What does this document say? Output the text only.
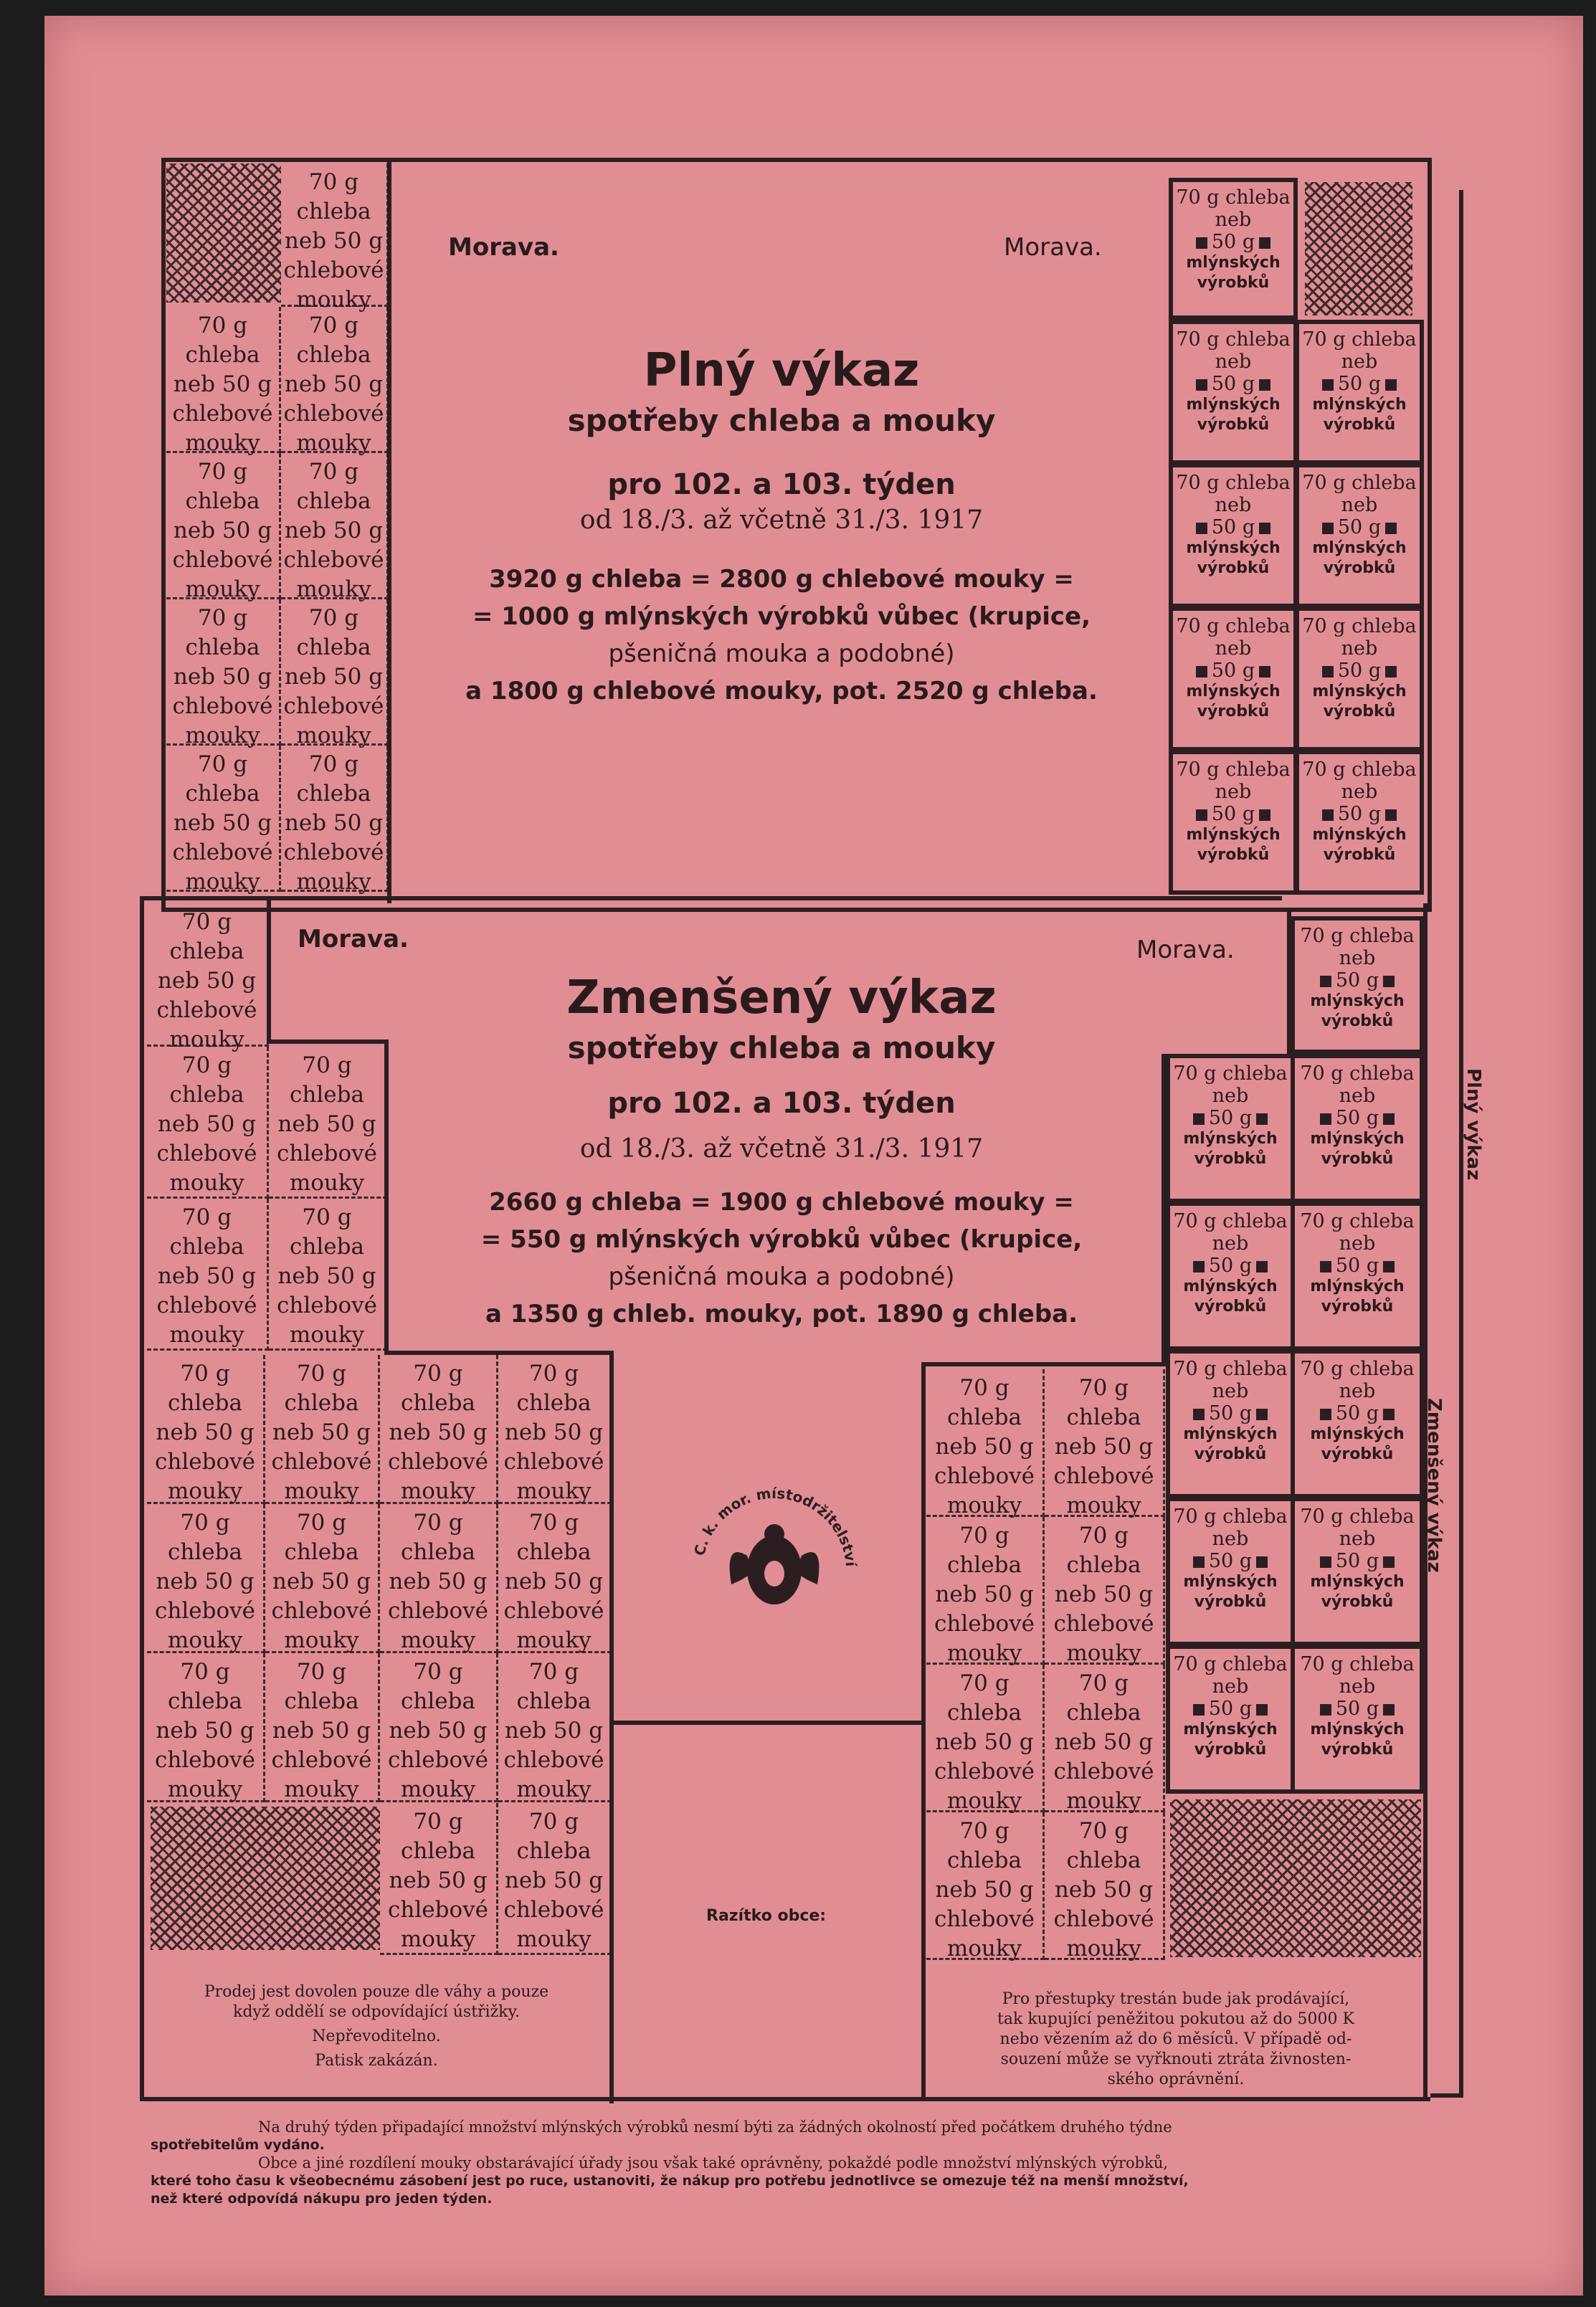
70 g chleba
neb 50 g
chlebové
mouky
70 g chleba
neb 50 g
chlebové
mouky
70 g chleba
neb 50 g
chlebové
mouky
70 g chleba
neb 50 g
chlebové
mouky
70 g chleba
neb 50 g
chlebové
mouky
70 g chleba
neb 50 g
chlebové
mouky
70 g chleba
neb 50 g
chlebové
mouky
70 g chleba
neb 50 g
chlebové
mouky
70 g chleba
neb 50 g
chlebové
mouky
70 g chleba
neb
50 g
mlýnských
výrobků
70 g chleba
neb
50 g
mlýnských
výrobků
70 g chleba
neb
50 g
mlýnských
výrobků
70 g chleba
neb
50 g
mlýnských
výrobků
70 g chleba
neb
50 g
mlýnských
výrobků
70 g chleba
neb
50 g
mlýnských
výrobků
70 g chleba
neb
50 g
mlýnských
výrobků
70 g chleba
neb
50 g
mlýnských
výrobků
70 g chleba
neb
50 g
mlýnských
výrobků
70 g chleba
neb 50 g
chlebové
mouky
70 g chleba
neb 50 g
chlebové
mouky
70 g chleba
neb 50 g
chlebové
mouky
70 g chleba
neb 50 g
chlebové
mouky
70 g chleba
neb 50 g
chlebové
mouky
70 g chleba
neb 50 g
chlebové
mouky
70 g chleba
neb 50 g
chlebové
mouky
70 g chleba
neb 50 g
chlebové
mouky
70 g chleba
neb 50 g
chlebové
mouky
70 g chleba
neb 50 g
chlebové
mouky
70 g chleba
neb 50 g
chlebové
mouky
70 g chleba
neb 50 g
chlebové
mouky
70 g chleba
neb 50 g
chlebové
mouky
70 g chleba
neb 50 g
chlebové
mouky
70 g chleba
neb 50 g
chlebové
mouky
70 g chleba
neb 50 g
chlebové
mouky
70 g chleba
neb 50 g
chlebové
mouky
70 g chleba
neb 50 g
chlebové
mouky
70 g chleba
neb 50 g
chlebové
mouky
70 g chleba
neb 50 g
chlebové
mouky
70 g chleba
neb 50 g
chlebové
mouky
70 g chleba
neb 50 g
chlebové
mouky
70 g chleba
neb 50 g
chlebové
mouky
70 g chleba
neb 50 g
chlebové
mouky
70 g chleba
neb 50 g
chlebové
mouky
70 g chleba
neb 50 g
chlebové
mouky
70 g chleba
neb 50 g
chlebové
mouky
70 g chleba
neb
50 g
mlýnských
výrobků
70 g chleba
neb
50 g
mlýnských
výrobků
70 g chleba
neb
50 g
mlýnských
výrobků
70 g chleba
neb
50 g
mlýnských
výrobků
70 g chleba
neb
50 g
mlýnských
výrobků
70 g chleba
neb
50 g
mlýnských
výrobků
70 g chleba
neb
50 g
mlýnských
výrobků
70 g chleba
neb
50 g
mlýnských
výrobků
70 g chleba
neb
50 g
mlýnských
výrobků
70 g chleba
neb
50 g
mlýnských
výrobků
70 g chleba
neb
50 g
mlýnských
výrobků
Morava.	Morava.
Plný výkaz
spotřeby chleba a mouky
pro 102. a 103. týden
od 18./3. až včetně 31./3. 1917
3920 g chleba = 2800 g chlebové mouky =
= 1000 g mlýnských výrobků vůbec (krupice,
pšeničná mouka a podobné)
a 1800 g chlebové mouky, pot. 2520 g chleba.
Morava.	Morava.
Zmenšený výkaz
spotřeby chleba a mouky
pro 102. a 103. týden
od 18./3. až včetně 31./3. 1917
2660 g chleba = 1900 g chlebové mouky =
= 550 g mlýnských výrobků vůbec (krupice,
pšeničná mouka a podobné)
a 1350 g chleb. mouky, pot. 1890 g chleba.
C. k. mor. místodržitelství
Razítko obce:
Prodej jest dovolen pouze dle váhy a pouze
když oddělí se odpovídající ústřižky.
Nepřevoditelno.
Patisk zakázán.
Pro přestupky trestán bude jak prodávající,
tak kupující peněžitou pokutou až do 5000 K
nebo vězením až do 6 měsíců. V případě od-
souzení může se vyřknouti ztráta živnosten-
ského oprávnění.
Na druhý týden připadající množství mlýnských výrobků nesmí býti za žádných okolností před počátkem druhého týdne
spotřebitelům vydáno.
Obce a jiné rozdílení mouky obstarávající úřady jsou však také oprávněny, pokaždé podle množství mlýnských výrobků,
které toho času k všeobecnému zásobení jest po ruce, ustanoviti, že nákup pro potřebu jednotlivce se omezuje též na menší množství,
než které odpovídá nákupu pro jeden týden.
Plný výkaz
Zmenšený výkaz
